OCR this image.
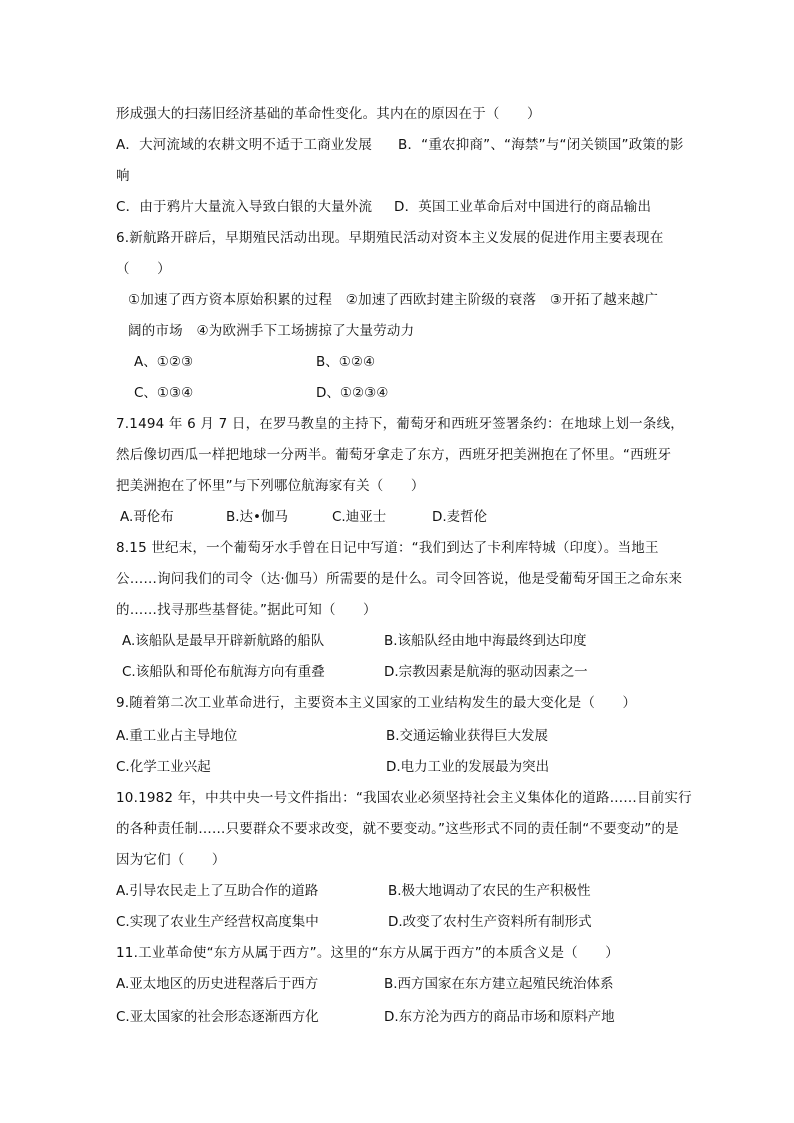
形成强大的扫荡旧经济基础的革命性变化。其内在的原因在于（　　）
A．大河流域的农耕文明不适于工商业发展 B．“重农抑商”、“海禁”与“闭关锁国”政策的影
响
C．由于鸦片大量流入导致白银的大量外流 D．英国工业革命后对中国进行的商品输出
6.新航路开辟后，早期殖民活动出现。早期殖民活动对资本主义发展的促进作用主要表现在
（　　）
①加速了西方资本原始积累的过程　②加速了西欧封建主阶级的衰落　③开拓了越来越广
阔的市场　④为欧洲手下工场掳掠了大量劳动力
A、①②③	B、①②④
C、①③④	D、①②③④
7.1494 年 6 月 7 日，在罗马教皇的主持下，葡萄牙和西班牙签署条约：在地球上划一条线，
然后像切西瓜一样把地球一分两半。葡萄牙拿走了东方，西班牙把美洲抱在了怀里。“西班牙
把美洲抱在了怀里”与下列哪位航海家有关（　　）
A.哥伦布	B.达•伽马	C.迪亚士	D.麦哲伦
8.15 世纪末，一个葡萄牙水手曾在日记中写道：“我们到达了卡利库特城（印度）。当地王
公……询问我们的司令（达·伽马）所需要的是什么。司令回答说，他是受葡萄牙国王之命东来
的……找寻那些基督徒。”据此可知（　　）
A.该船队是最早开辟新航路的船队	B.该船队经由地中海最终到达印度
C.该船队和哥伦布航海方向有重叠	D.宗教因素是航海的驱动因素之一
9.随着第二次工业革命进行，主要资本主义国家的工业结构发生的最大变化是（　　）
A.重工业占主导地位	B.交通运输业获得巨大发展
C.化学工业兴起	D.电力工业的发展最为突出
10.1982 年，中共中央一号文件指出：“我国农业必须坚持社会主义集体化的道路……目前实行
的各种责任制……只要群众不要求改变，就不要变动。”这些形式不同的责任制“不要变动”的是
因为它们（　　）
A.引导农民走上了互助合作的道路	B.极大地调动了农民的生产积极性
C.实现了农业生产经营权高度集中	D.改变了农村生产资料所有制形式
11.工业革命使“东方从属于西方”。这里的“东方从属于西方”的本质含义是（　　）
A.亚太地区的历史进程落后于西方	B.西方国家在东方建立起殖民统治体系
C.亚太国家的社会形态逐渐西方化	D.东方沦为西方的商品市场和原料产地
